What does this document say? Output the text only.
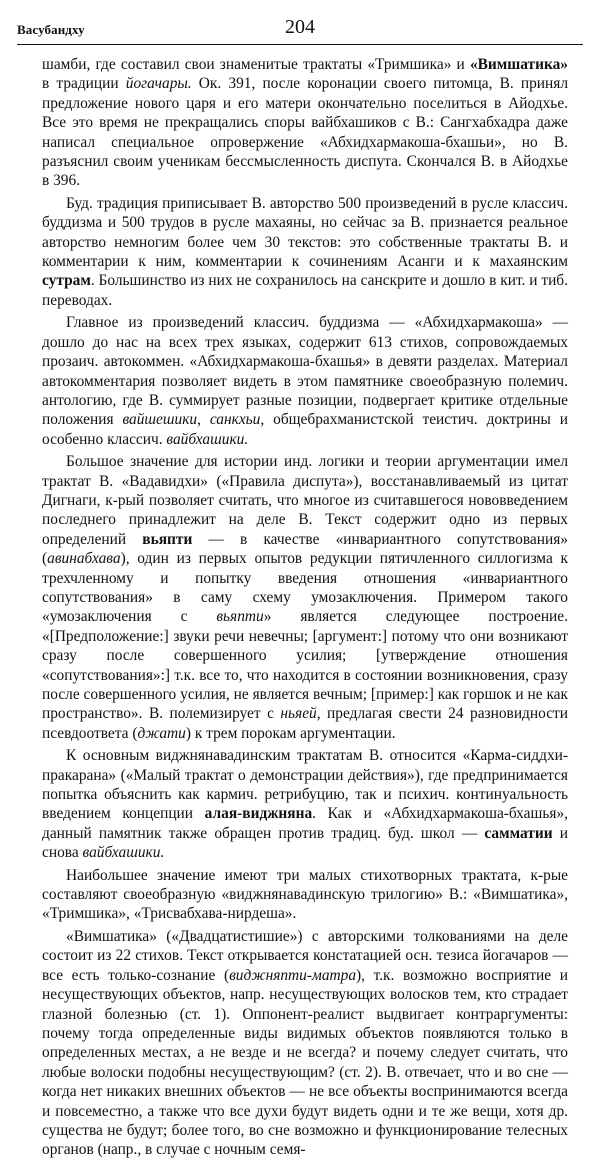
Васубандху	204

шамби, где составил свои знаменитые трактаты «Тримшика» и «Вимшатика» в традиции йогачары. Ок. 391, после коронации своего питомца, В. принял предложение нового царя и его матери окончательно поселиться в Айодхье. Все это время не прекращались споры вайбхашиков с В.: Сангхабхадра даже написал специальное опровержение «Абхидхармакоша-бхашьи», но В. разъяснил своим ученикам бессмысленность диспута. Скончался В. в Айодхье в 396.

Буд. традиция приписывает В. авторство 500 произведений в русле классич. буддизма и 500 трудов в русле махаяны, но сейчас за В. признается реальное авторство немногим более чем 30 текстов: это собственные трактаты В. и комментарии к ним, комментарии к сочинениям Асанги и к махаянским сутрам. Большинство из них не сохранилось на санскрите и дошло в кит. и тиб. переводах.

Главное из произведений классич. буддизма — «Абхидхармакоша» — дошло до нас на всех трех языках, содержит 613 стихов, сопровождаемых прозаич. автокоммен. «Абхидхармакоша-бхашья» в девяти разделах. Материал автокомментария позволяет видеть в этом памятнике своеобразную полемич. антологию, где В. суммирует разные позиции, подвергает критике отдельные положения вайшешики, санкхьи, общебрахманистской теистич. доктрины и особенно классич. вайбхашики.

Большое значение для истории инд. логики и теории аргументации имел трактат В. «Вадавидхи» («Правила диспута»), восстанавливаемый из цитат Дигнаги, к-рый позволяет считать, что многое из считавшегося нововведением последнего принадлежит на деле В. Текст содержит одно из первых определений вьяпти — в качестве «инвариантного сопутствования» (авинабхава), один из первых опытов редукции пятичленного силлогизма к трехчленному и попытку введения отношения «инвариантного сопутствования» в саму схему умозаключения. Примером такого «умозаключения с вьяпти» является следующее построение. «[Предположение:] звуки речи невечны; [аргумент:] потому что они возникают сразу после совершенного усилия; [утверждение отношения «сопутствования»:] т.к. все то, что находится в состоянии возникновения, сразу после совершенного усилия, не является вечным; [пример:] как горшок и не как пространство». В. полемизирует с ньяей, предлагая свести 24 разновидности псевдоответа (джати) к трем порокам аргументации.

К основным виджнянавадинским трактатам В. относится «Карма-сиддхи-пракарана» («Малый трактат о демонстрации действия»), где предпринимается попытка объяснить как кармич. ретрибуцию, так и психич. континуальность введением концепции алая-виджняна. Как и «Абхидхармакоша-бхашья», данный памятник также обращен против традиц. буд. школ — самматии и снова вайбхашики.

Наибольшее значение имеют три малых стихотворных трактата, к-рые составляют своеобразную «виджнянавадинскую трилогию» В.: «Вимшатика», «Тримшика», «Трисвабхава-нирдеша».

«Вимшатика» («Двадцатистишие») с авторскими толкованиями на деле состоит из 22 стихов. Текст открывается констатацией осн. тезиса йогачаров — все есть только-сознание (виджняпти-матра), т.к. возможно восприятие и несуществующих объектов, напр. несуществующих волосков тем, кто страдает глазной болезнью (ст. 1). Оппонент-реалист выдвигает контраргументы: почему тогда определенные виды видимых объектов появляются только в определенных местах, а не везде и не всегда? и почему следует считать, что любые волоски подобны несуществующим? (ст. 2). В. отвечает, что и во сне — когда нет никаких внешних объектов — не все объекты воспринимаются всегда и повсеместно, а также что все духи будут видеть одни и те же вещи, хотя др. существа не будут; более того, во сне возможно и функционирование телесных органов (напр., в случае с ночным семя-
